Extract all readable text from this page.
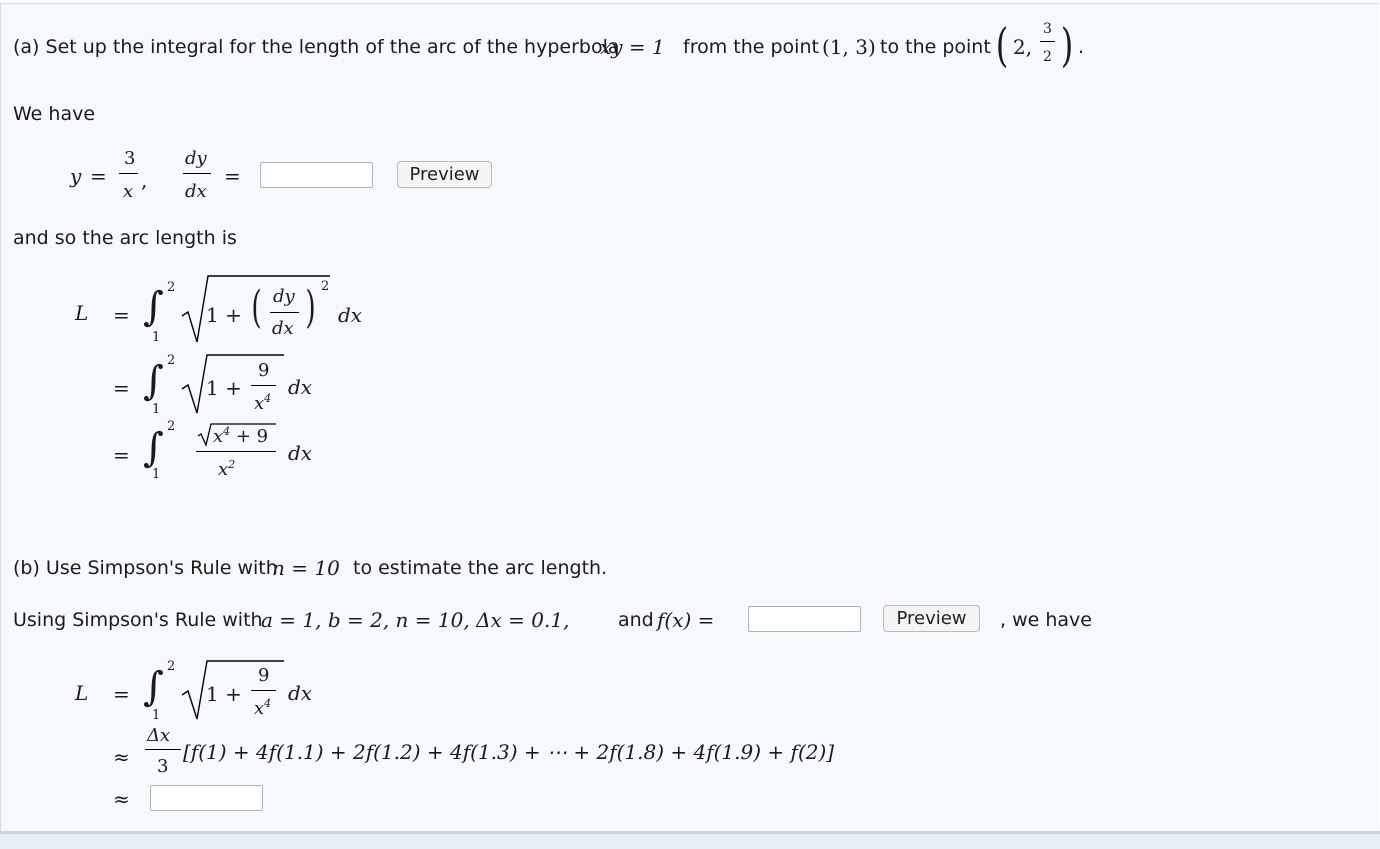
(a) Set up the integral for the length of the arc of the hyperbola
xy = 1 from the point (1, 3) to the point ( 2,
3
2 ) .
We have
y =
3
x ,
dy
dx
=	Preview
and so the arc length is
L = ∫ 2
1
1 + ( dy
dx ) 2
dx
= ∫ 2
1
1 +
9
$x^4$ dx
= ∫ 2
1
$x^4 + 9$
$x^2$	dx
(b) Use Simpson's Rule with
n = 10 to estimate the arc length.
Using Simpson's Rule with
a = 1, b = 2, n = 10, Δx = 0.1,	and f(x) =	Preview	, we have
L = ∫ 2
1
1 +
9
$x^4$ dx
≈
Δx
3
[f(1) + 4f(1.1) + 2f(1.2) + 4f(1.3) + ⋯ + 2f(1.8) + 4f(1.9) + f(2)]
≈
